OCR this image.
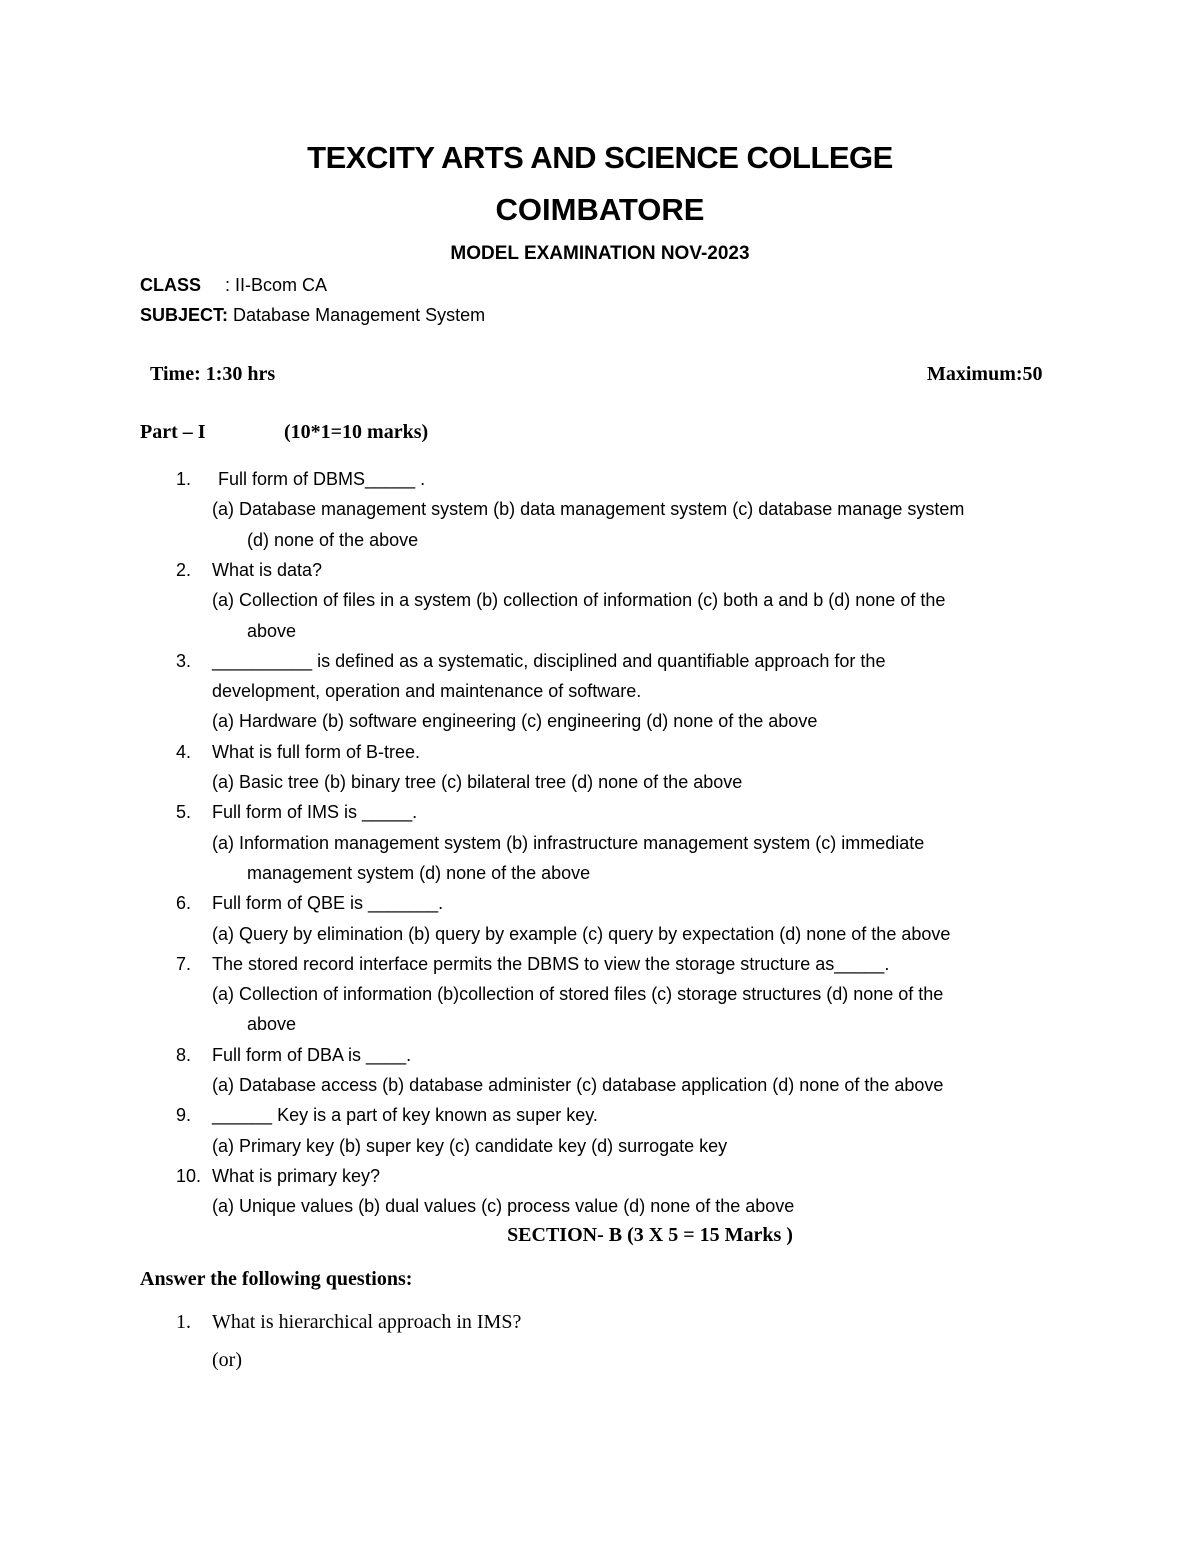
TEXCITY ARTS AND SCIENCE COLLEGE
COIMBATORE
MODEL EXAMINATION NOV-2023
CLASS : II-Bcom CA
SUBJECT: Database Management System
Time: 1:30 hrs	Maximum:50
Part – I	(10*1=10 marks)
1. Full form of DBMS_____ .
(a) Database management system (b) data management system (c) database manage system
(d) none of the above
2. What is data?
(a) Collection of files in a system (b) collection of information (c) both a and b (d) none of the
above
3. __________ is defined as a systematic, disciplined and quantifiable approach for the
development, operation and maintenance of software.
(a) Hardware (b) software engineering (c) engineering (d) none of the above
4. What is full form of B-tree.
(a) Basic tree (b) binary tree (c) bilateral tree (d) none of the above
5. Full form of IMS is _____.
(a) Information management system (b) infrastructure management system (c) immediate
management system (d) none of the above
6. Full form of QBE is _______.
(a) Query by elimination (b) query by example (c) query by expectation (d) none of the above
7. The stored record interface permits the DBMS to view the storage structure as_____.
(a) Collection of information (b)collection of stored files (c) storage structures (d) none of the
above
8. Full form of DBA is ____.
(a) Database access (b) database administer (c) database application (d) none of the above
9. ______ Key is a part of key known as super key.
(a) Primary key (b) super key (c) candidate key (d) surrogate key
10. What is primary key?
(a) Unique values (b) dual values (c) process value (d) none of the above
SECTION- B (3 X 5 = 15 Marks )
Answer the following questions:
1. What is hierarchical approach in IMS?
(or)
